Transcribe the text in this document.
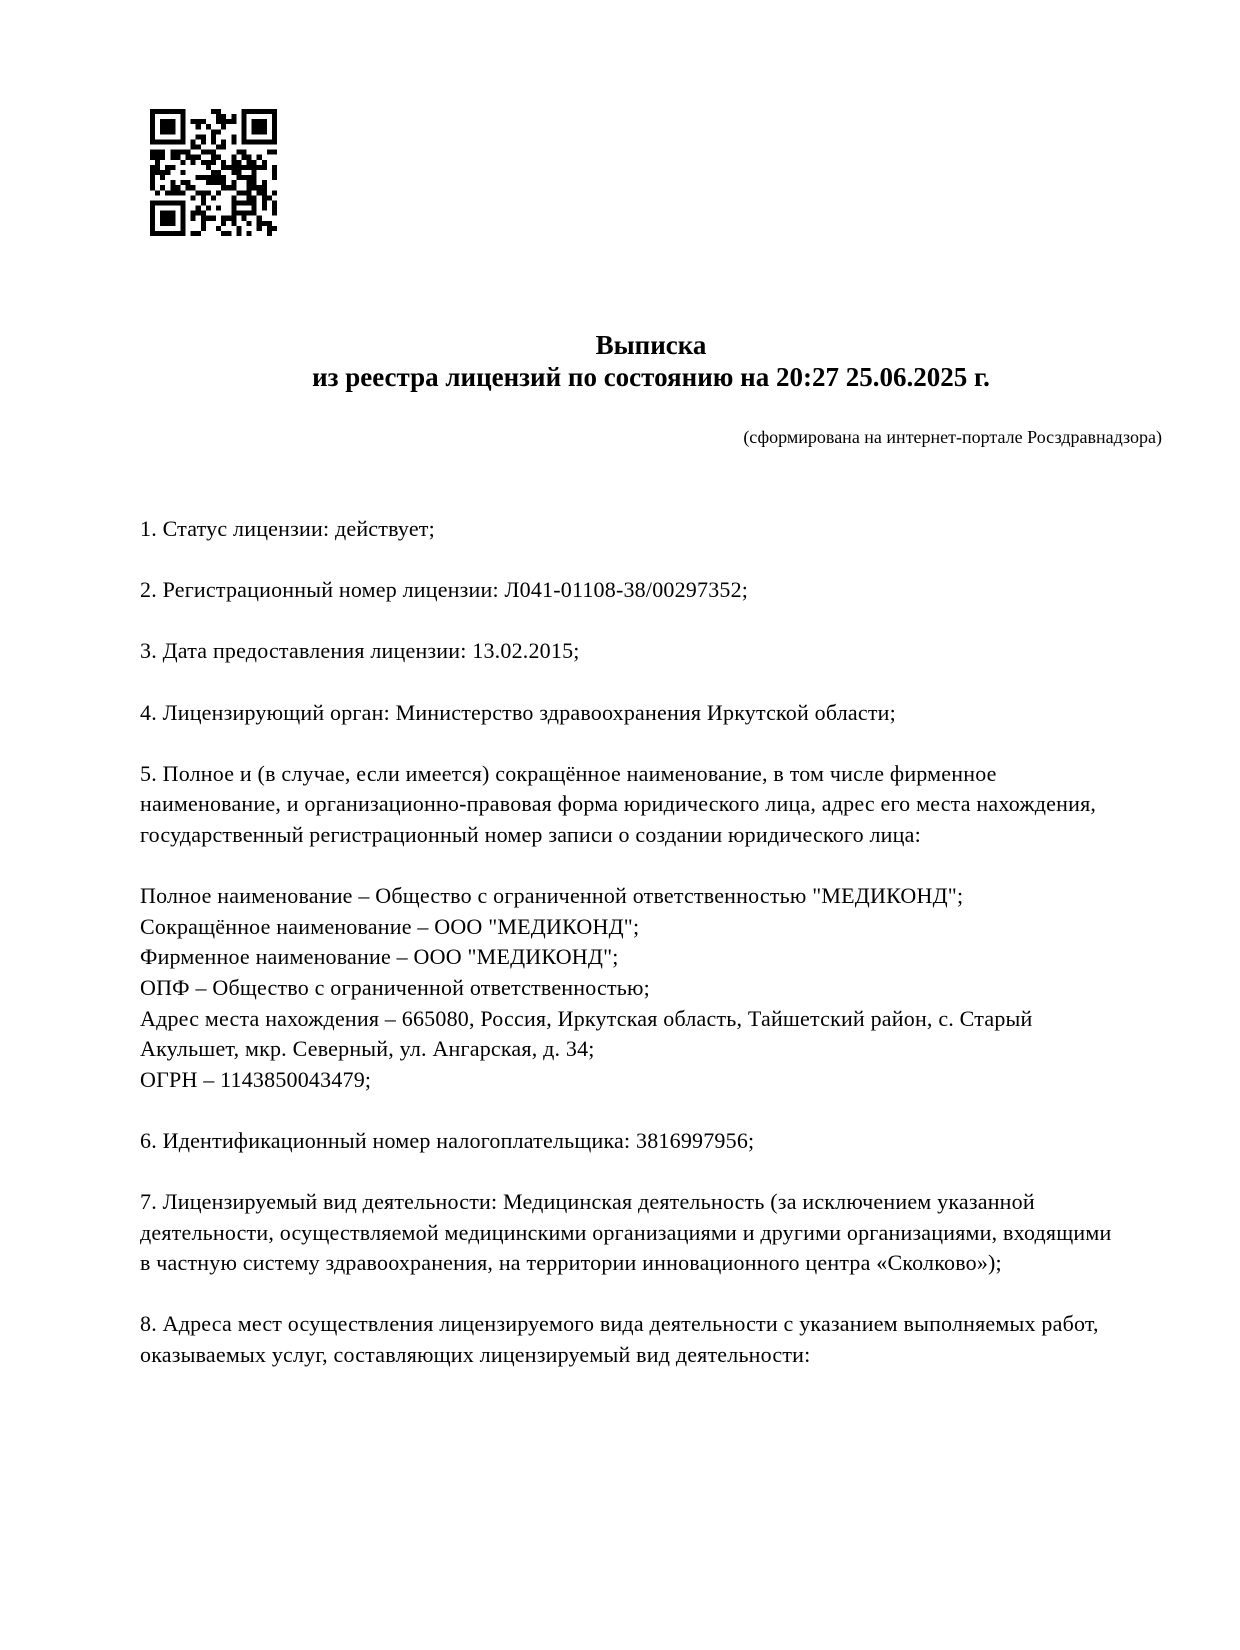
Выписка
из реестра лицензий по состоянию на 20:27 25.06.2025 г.
(сформирована на интернет-портале Росздравнадзора)

1. Статус лицензии: действует;

2. Регистрационный номер лицензии: Л041-01108-38/00297352;

3. Дата предоставления лицензии: 13.02.2015;

4. Лицензирующий орган: Министерство здравоохранения Иркутской области;

5. Полное и (в случае, если имеется) сокращённое наименование, в том числе фирменное наименование, и организационно-правовая форма юридического лица, адрес его места нахождения, государственный регистрационный номер записи о создании юридического лица:

Полное наименование – Общество с ограниченной ответственностью "МЕДИКОНД";

Сокращённое наименование – ООО "МЕДИКОНД";

Фирменное наименование – ООО "МЕДИКОНД";

ОПФ – Общество с ограниченной ответственностью;

Адрес места нахождения – 665080, Россия, Иркутская область, Тайшетский район, с. Старый Акульшет, мкр. Северный, ул. Ангарская, д. 34;

ОГРН – 1143850043479;

6. Идентификационный номер налогоплательщика: 3816997956;

7. Лицензируемый вид деятельности: Медицинская деятельность (за исключением указанной деятельности, осуществляемой медицинскими организациями и другими организациями, входящими в частную систему здравоохранения, на территории инновационного центра «Сколково»);

8. Адреса мест осуществления лицензируемого вида деятельности с указанием выполняемых работ, оказываемых услуг, составляющих лицензируемый вид деятельности:
